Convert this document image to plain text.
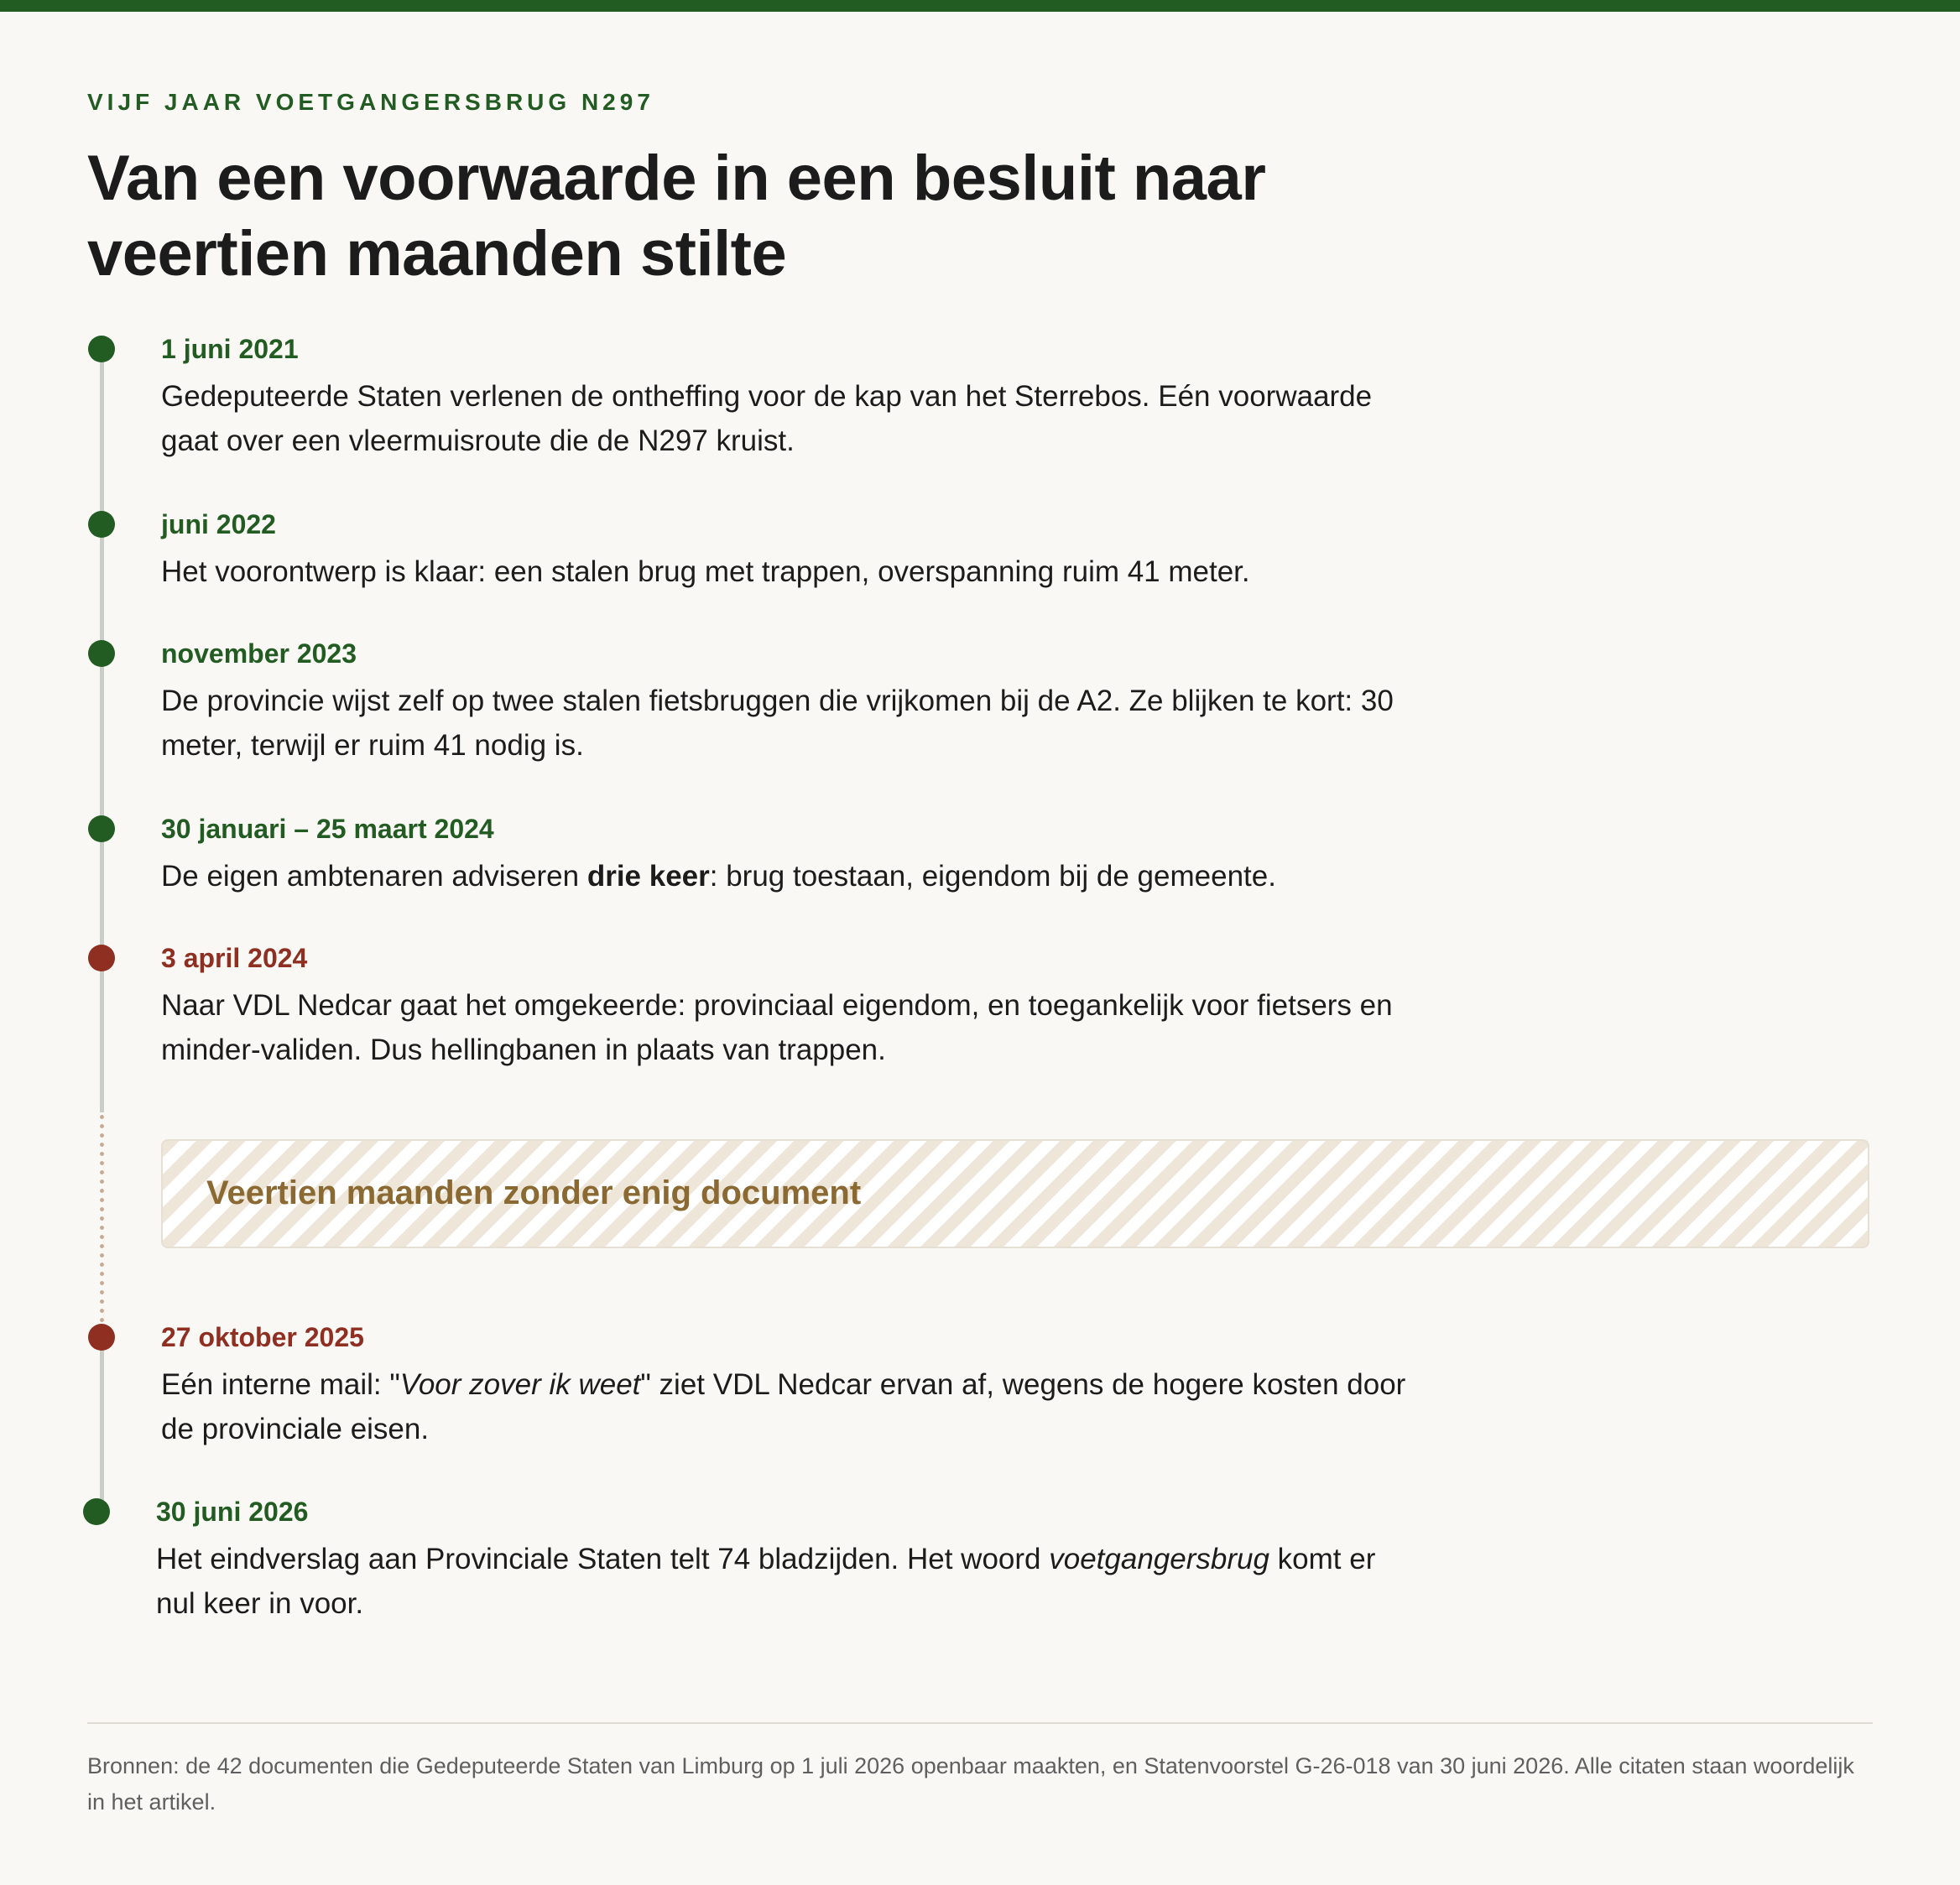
VIJF JAAR VOETGANGERSBRUG N297
Van een voorwaarde in een besluit naar veertien maanden stilte
1 juni 2021
Gedeputeerde Staten verlenen de ontheffing voor de kap van het Sterrebos. Eén voorwaarde gaat over een vleermuisroute die de N297 kruist.
juni 2022
Het voorontwerp is klaar: een stalen brug met trappen, overspanning ruim 41 meter.
november 2023
De provincie wijst zelf op twee stalen fietsbruggen die vrijkomen bij de A2. Ze blijken te kort: 30 meter, terwijl er ruim 41 nodig is.
30 januari – 25 maart 2024
De eigen ambtenaren adviseren drie keer: brug toestaan, eigendom bij de gemeente.
3 april 2024
Naar VDL Nedcar gaat het omgekeerde: provinciaal eigendom, en toegankelijk voor fietsers en minder-validen. Dus hellingbanen in plaats van trappen.
Veertien maanden zonder enig document
27 oktober 2025
Eén interne mail: "Voor zover ik weet" ziet VDL Nedcar ervan af, wegens de hogere kosten door de provinciale eisen.
30 juni 2026
Het eindverslag aan Provinciale Staten telt 74 bladzijden. Het woord voetgangersbrug komt er nul keer in voor.
Bronnen: de 42 documenten die Gedeputeerde Staten van Limburg op 1 juli 2026 openbaar maakten, en Statenvoorstel G-26-018 van 30 juni 2026. Alle citaten staan woordelijk in het artikel.
